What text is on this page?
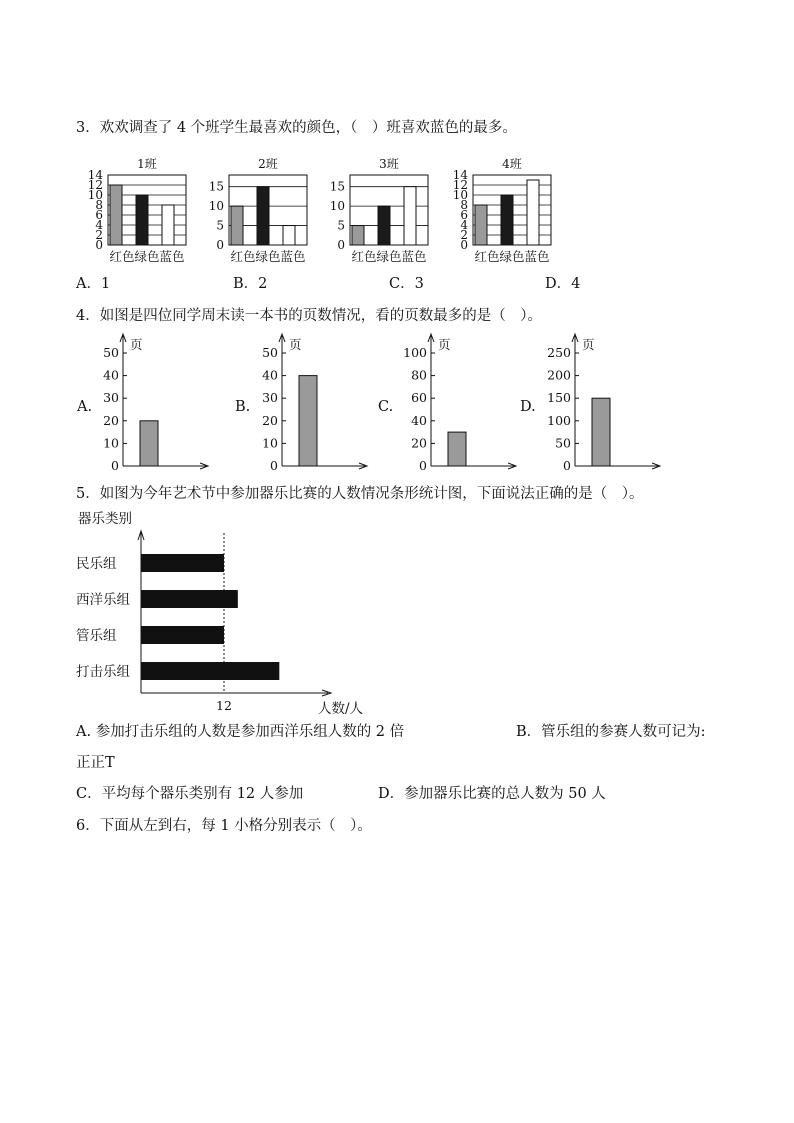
3．欢欢调查了 4 个班学生最喜欢的颜色，（　）班喜欢蓝色的最多。
1班
0
2
4
6
8
10
12
14
红色绿色蓝色
2班
0
5
10
15
红色绿色蓝色
3班
0
5
10
15
红色绿色蓝色
4班
0
2
4
6
8
10
12
14
红色绿色蓝色
A．1	B．2	C．3	D．4
4．如图是四位同学周末读一本书的页数情况，看的页数最多的是（　）。
A.
页
0
10
20
30
40
50
B.
页
0
10
20
30
40
50
C.
页
0
20
40
60
80
100
D.
页
0
50
100
150
200
250
5．如图为今年艺术节中参加器乐比赛的人数情况条形统计图，下面说法正确的是（　）。
器乐类别
12	人数/人
民乐组
西洋乐组
管乐组
打击乐组
A. 参加打击乐组的人数是参加西洋乐组人数的 2 倍	B．管乐组的参赛人数可记为:
正正T
C．平均每个器乐类别有 12 人参加	D．参加器乐比赛的总人数为 50 人
6．下面从左到右，每 1 小格分别表示（　）。
